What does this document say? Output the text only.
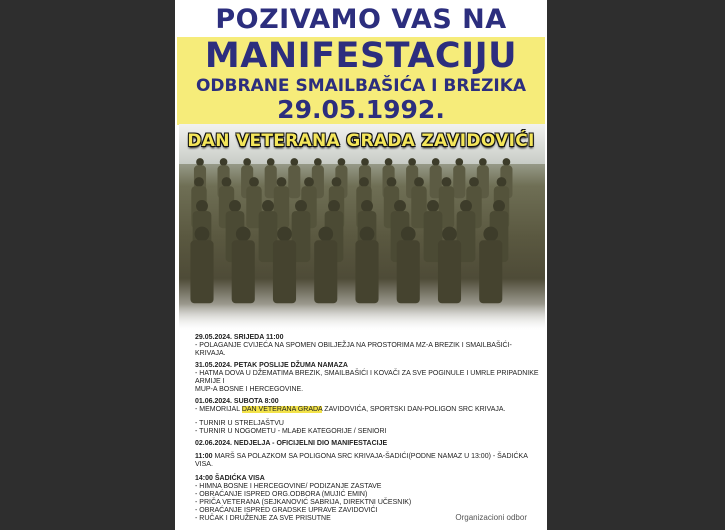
POZIVAMO VAS NA
MANIFESTACIJU
ODBRANE SMAILBAŠIĆA I BREZIKA
29.05.1992.
DAN VETERANA GRADA ZAVIDOVIĆI
29.05.2024. SRIJEDA 11:00
- POLAGANJE CVIJEĆA NA SPOMEN OBILJEŽJA NA PROSTORIMA MZ-A BREZIK I SMAILBAŠIĆI-KRIVAJA.
31.05.2024. PETAK POSLIJE DŽUMA NAMAZA
- HATMA DOVA U DŽEMATIMA BREZIK, SMAILBAŠIĆI I KOVAČI ZA SVE POGINULE I UMRLE PRIPADNIKE ARMIJE I
MUP-A BOSNE I HERCEGOVINE.
01.06.2024. SUBOTA 8:00
- MEMORIJAL DAN VETERANA GRADA ZAVIDOVIĆA, SPORTSKI DAN-POLIGON SRC KRIVAJA.
- TURNIR U STRELJAŠTVU
- TURNIR U NOGOMETU - MLAĐE KATEGORIJE / SENIORI
02.06.2024. NEDJELJA - OFICIJELNI DIO MANIFESTACIJE
11:00 MARŠ SA POLAZKOM SA POLIGONA SRC KRIVAJA-ŠADIĆI(PODNE NAMAZ U 13:00) - ŠADIĆKA VISA.
14:00 ŠADIĆKA VISA
- HIMNA BOSNE I HERCEGOVINE/ PODIZANJE ZASTAVE
- OBRAĆANJE ISPRED ORG.ODBORA (MUJIĆ EMIN)
- PRIČA VETERANA (SEJKANOVIĆ SABRIJA, DIREKTNI UČESNIK)
- OBRAĆANJE ISPRED GRADSKE UPRAVE ZAVIDOVIĆI
- RUČAK I DRUŽENJE ZA SVE PRISUTNE	Organizacioni odbor
